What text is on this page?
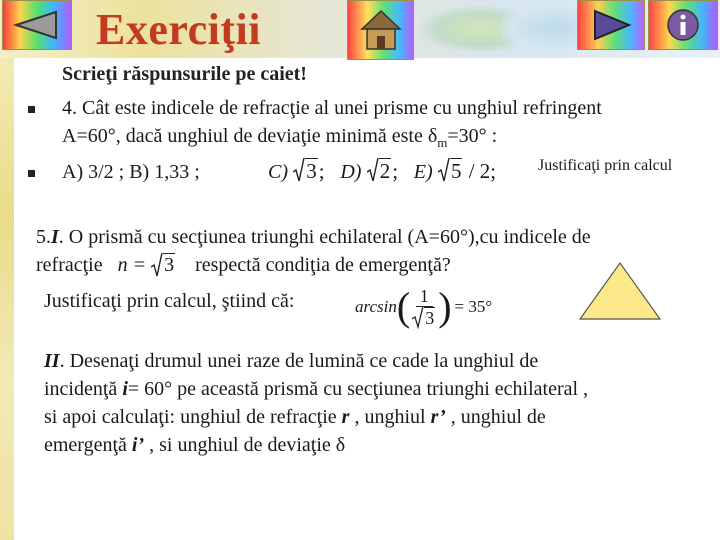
Exerciţii
Scrieţi răspunsurile pe caiet!
4. Cât este indicele de refracţie al unei prisme cu unghiul refringent
A=60°, dacă unghiul de deviaţie minimă este $\delta_m=30^\circ$ :
A) 3/2 ; B) 1,33 ;	C) 3; D) 2; E) 5 / 2;	Justificaţi prin calcul
5.I. O prismă cu secţiunea triunghi echilateral (A=60°),cu indicele de
refracţie n = 3 respectă condiţia de emergenţă?
Justificaţi prin calcul, ştiind că:	arcsin ( $\frac{1}{3}$ ) = 35°
II. Desenaţi drumul unei raze de lumină ce cade la unghiul de
incidenţă i= 60° pe această prismă cu secţiunea triunghi echilateral ,
si apoi calculaţi: unghiul de refracţie r , unghiul r’ , unghiul de
emergenţă i’ , si unghiul de deviaţie δ
